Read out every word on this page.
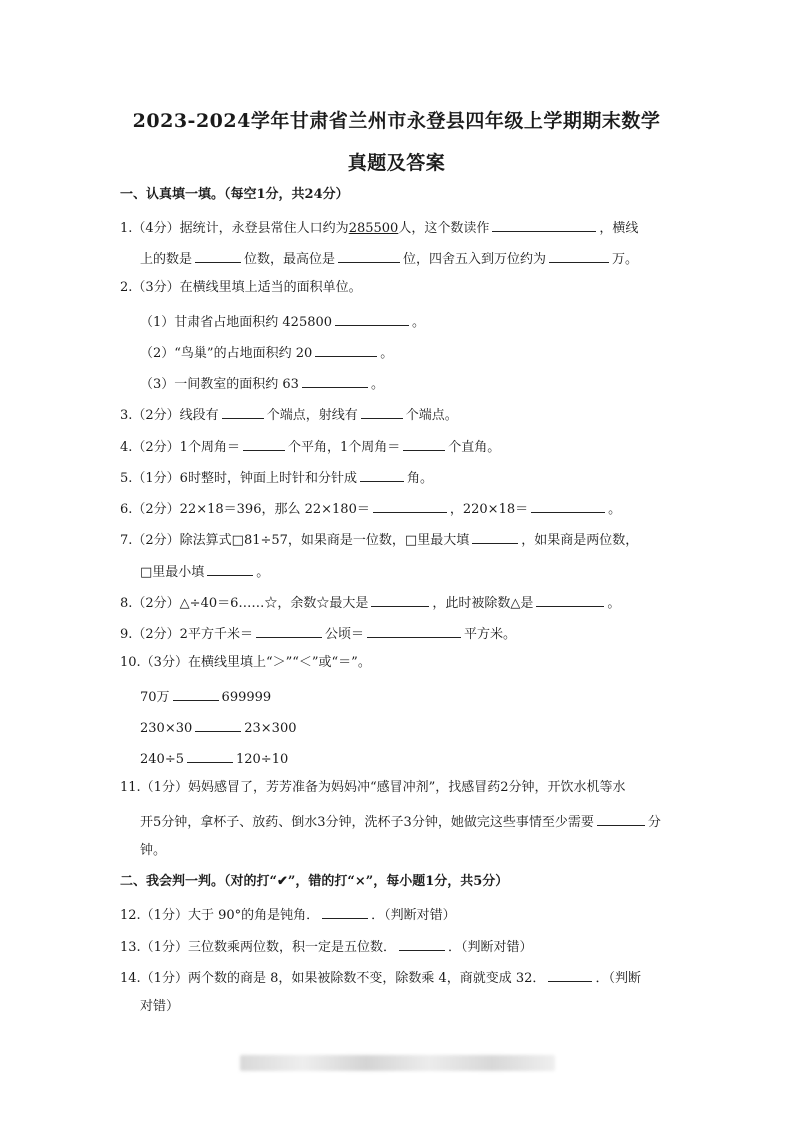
2023-2024学年甘肃省兰州市永登县四年级上学期期末数学
真题及答案
一、认真填一填。（每空1分，共24分）
1.（4分）据统计，永登县常住人口约为285500人，这个数读作	，横线
上的数是	位数，最高位是	位，四舍五入到万位约为	万。
2.（3分）在横线里填上适当的面积单位。
（1）甘肃省占地面积约 425800	。
（2）“鸟巢”的占地面积约 20	。
（3）一间教室的面积约 63	。
3.（2分）线段有	个端点，射线有	个端点。
4.（2分）1个周角＝	个平角，1个周角＝	个直角。
5.（1分）6时整时，钟面上时针和分针成	角。
6.（2分）22×18＝396，那么 22×180＝	，220×18＝	。
7.（2分）除法算式□81÷57，如果商是一位数，□里最大填	，如果商是两位数，
□里最小填	。
8.（2分）△÷40＝6……☆，余数☆最大是	，此时被除数△是	。
9.（2分）2平方千米＝	公顷＝	平方米。
10.（3分）在横线里填上“＞”“＜”或“＝”。
70万	699999
230×30	23×300
240÷5	120÷10
11.（1分）妈妈感冒了，芳芳准备为妈妈冲“感冒冲剂”，找感冒药2分钟，开饮水机等水
开5分钟，拿杯子、放药、倒水3分钟，洗杯子3分钟，她做完这些事情至少需要	分
钟。
二、我会判一判。（对的打“✔”，错的打“×”，每小题1分，共5分）
12.（1分）大于 90°的角是钝角．	．（判断对错）
13.（1分）三位数乘两位数，积一定是五位数．	．（判断对错）
14.（1分）两个数的商是 8，如果被除数不变，除数乘 4，商就变成 32．	．（判断
对错）
